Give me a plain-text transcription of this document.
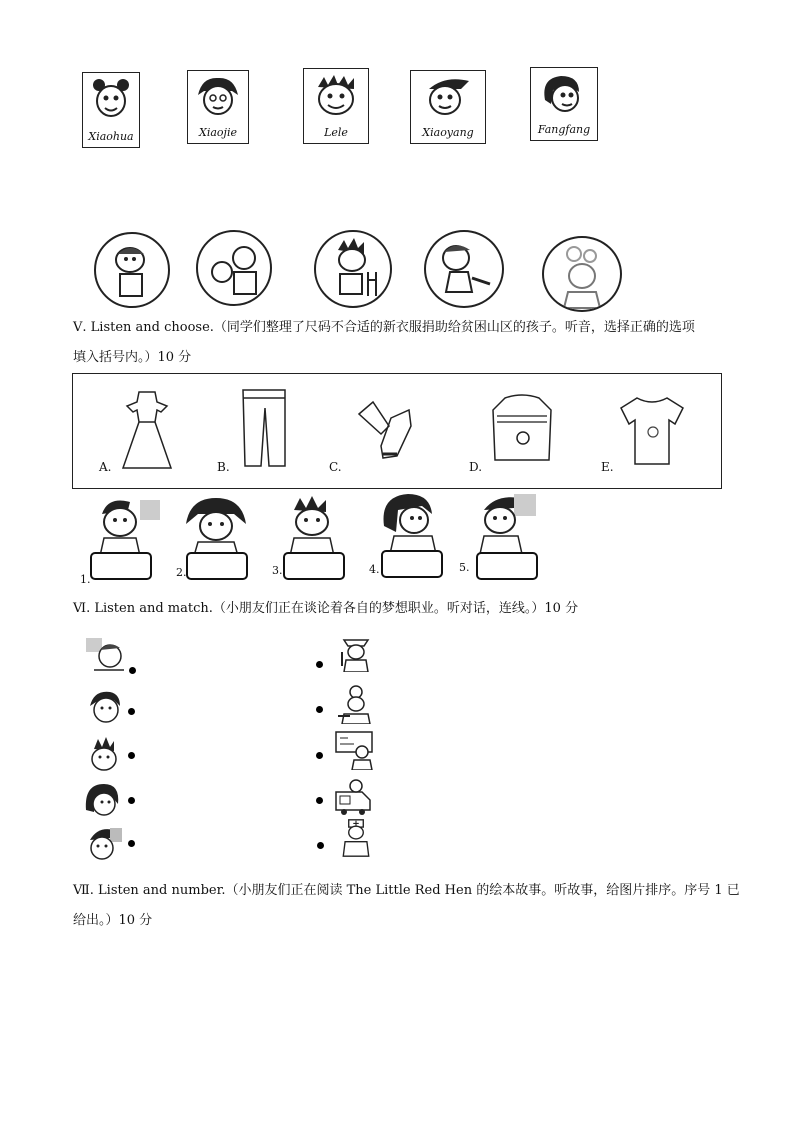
Xiaohua	Xiaojie	Lele	Xiaoyang	Fangfang
Ⅴ. Listen and choose.（同学们整理了尺码不合适的新衣服捐助给贫困山区的孩子。听音，选择正确的选项
填入括号内。）10 分
A.	B.	C.	D.	E.
1.
2.	3.	4.	5.
Ⅵ. Listen and match.（小朋友们正在谈论着各自的梦想职业。听对话，连线。）10 分
Ⅶ. Listen and number.（小朋友们正在阅读 The Little Red Hen 的绘本故事。听故事，给图片排序。序号 1 已
给出。）10 分
